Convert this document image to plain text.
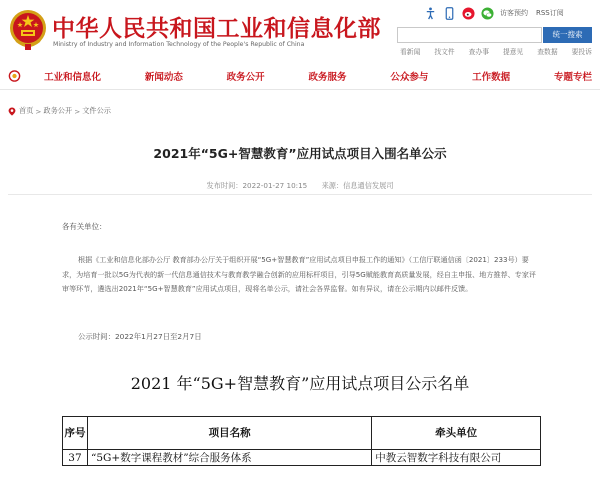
中华人民共和国工业和信息化部
Ministry of Industry and Information Technology of the People's Republic of China
访客预约 RSS订阅
统一搜索
看新闻 找文件 查办事 提意见 查数据 要投诉
工业和信息化	新闻动态	政务公开	政务服务	公众参与	工作数据	专题专栏
首页 > 政务公开 > 文件公示
2021年“5G+智慧教育”应用试点项目入围名单公示
发布时间：2022-01-27 10:15 来源：信息通信发展司
各有关单位：

根据《工业和信息化部办公厅 教育部办公厅关于组织开展“5G+智慧教育”应用试点项目申报工作的通知》（工信厅联通信函〔2021〕233号）要求，为培育一批以5G为代表的新一代信息通信技术与教育教学融合创新的应用标杆项目，引导5G赋能教育高质量发展，经自主申报、地方推荐、专家评审等环节，遴选出2021年“5G+智慧教育”应用试点项目，现将名单公示，请社会各界监督。如有异议，请在公示期内以邮件反馈。

公示时间：2022年1月27日至2月7日
2021 年“5G+智慧教育”应用试点项目公示名单
序号	项目名称	牵头单位
37	“5G+数字课程教材”综合服务体系	中教云智数字科技有限公司
